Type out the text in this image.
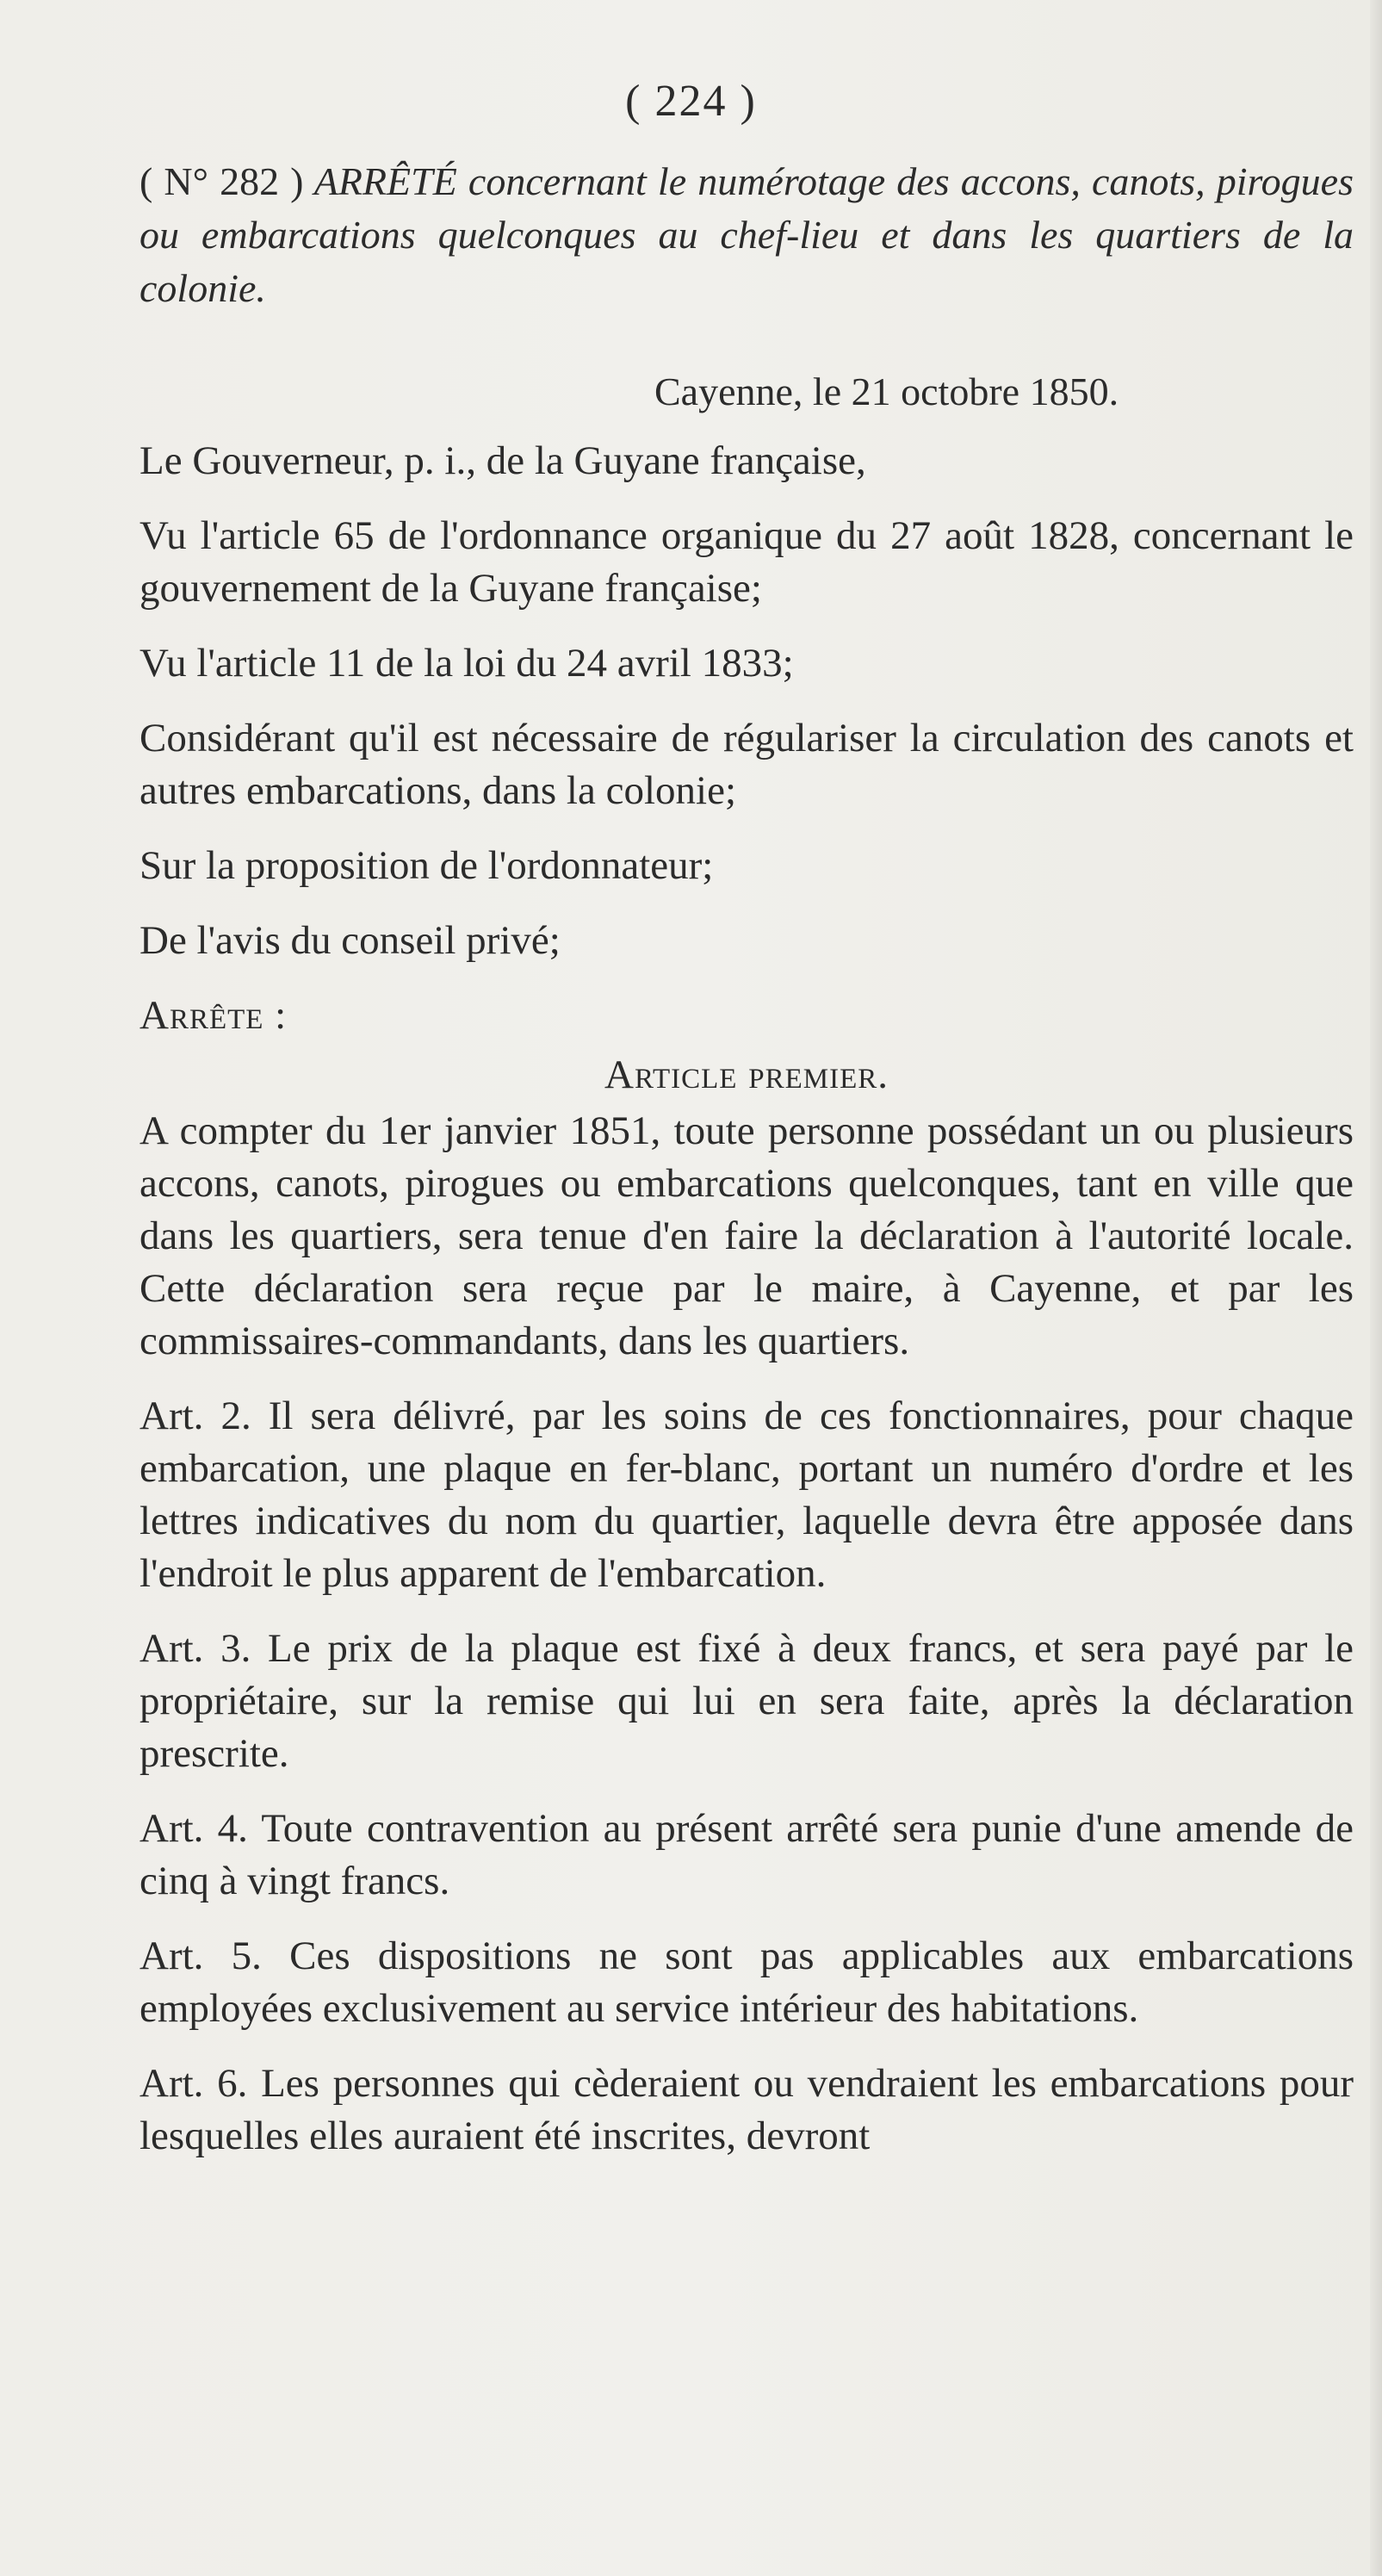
( 224 )
( N° 282 ) ARRÊTÉ concernant le numérotage des accons, canots, pirogues ou embarcations quelconques au chef-lieu et dans les quartiers de la colonie.
Cayenne, le 21 octobre 1850.

Le Gouverneur, p. i., de la Guyane française,

Vu l'article 65 de l'ordonnance organique du 27 août 1828, concernant le gouvernement de la Guyane française;

Vu l'article 11 de la loi du 24 avril 1833;

Considérant qu'il est nécessaire de régulariser la circulation des canots et autres embarcations, dans la colonie;

Sur la proposition de l'ordonnateur;

De l'avis du conseil privé;

Arrête :

Article premier.

A compter du 1er janvier 1851, toute personne possédant un ou plusieurs accons, canots, pirogues ou embarcations quelconques, tant en ville que dans les quartiers, sera tenue d'en faire la déclaration à l'autorité locale. Cette déclaration sera reçue par le maire, à Cayenne, et par les commissaires-commandants, dans les quartiers.

Art. 2. Il sera délivré, par les soins de ces fonctionnaires, pour chaque embarcation, une plaque en fer-blanc, portant un numéro d'ordre et les lettres indicatives du nom du quartier, laquelle devra être apposée dans l'endroit le plus apparent de l'embarcation.

Art. 3. Le prix de la plaque est fixé à deux francs, et sera payé par le propriétaire, sur la remise qui lui en sera faite, après la déclaration prescrite.

Art. 4. Toute contravention au présent arrêté sera punie d'une amende de cinq à vingt francs.

Art. 5. Ces dispositions ne sont pas applicables aux embarcations employées exclusivement au service intérieur des habitations.

Art. 6. Les personnes qui cèderaient ou vendraient les embarcations pour lesquelles elles auraient été inscrites, devront
